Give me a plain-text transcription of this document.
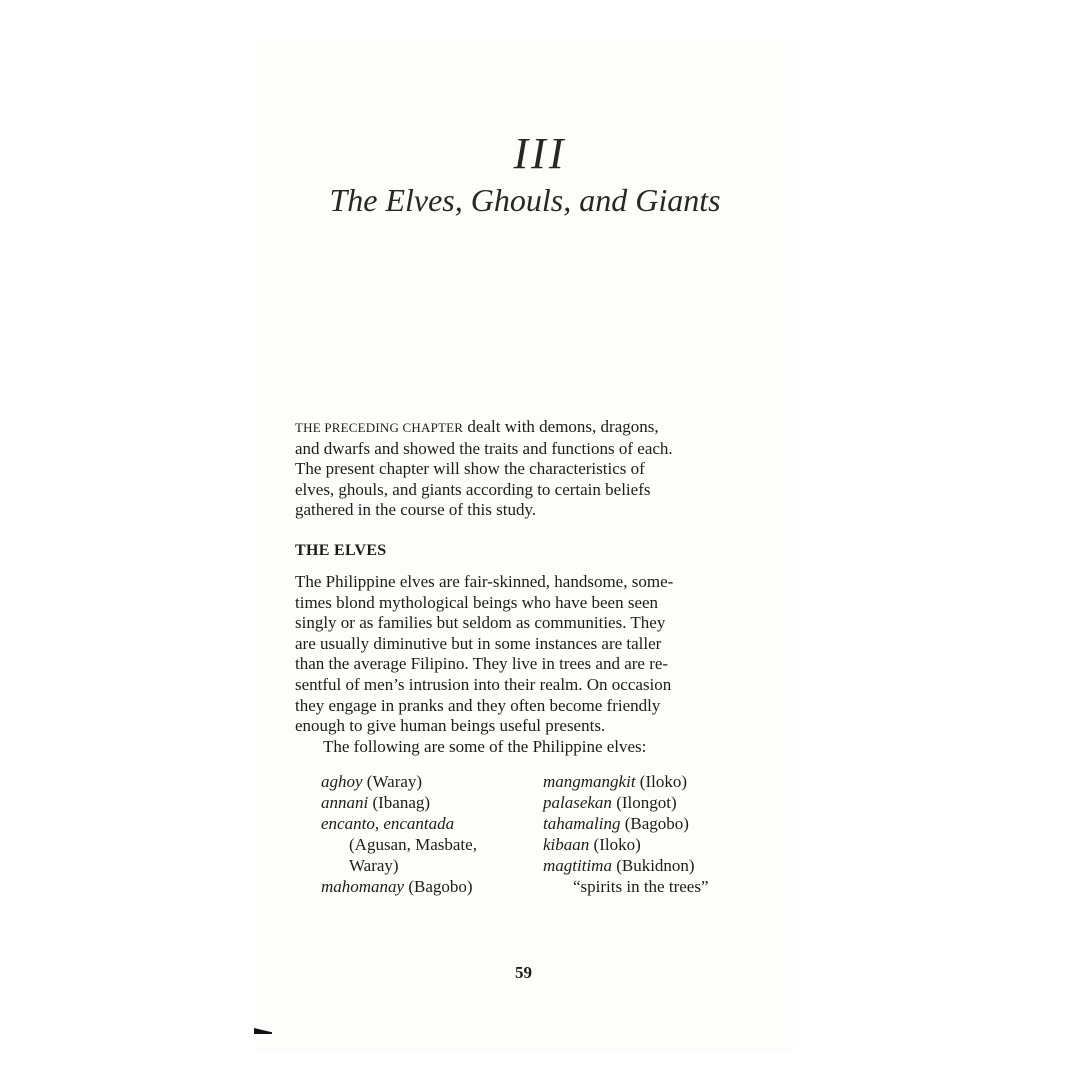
III
The Elves, Ghouls, and Giants
THE PRECEDING CHAPTER dealt with demons, dragons,
and dwarfs and showed the traits and functions of each.
The present chapter will show the characteristics of
elves, ghouls, and giants according to certain beliefs
gathered in the course of this study.
THE ELVES
The Philippine elves are fair-skinned, handsome, some-
times blond mythological beings who have been seen
singly or as families but seldom as communities. They
are usually diminutive but in some instances are taller
than the average Filipino. They live in trees and are re-
sentful of men’s intrusion into their realm. On occasion
they engage in pranks and they often become friendly
enough to give human beings useful presents.
The following are some of the Philippine elves:
aghoy (Waray)
annani (Ibanag)
encanto, encantada
(Agusan, Masbate,
Waray)
mahomanay (Bagobo)
mangmangkit (Iloko)
palasekan (Ilongot)
tahamaling (Bagobo)
kibaan (Iloko)
magtitima (Bukidnon)
“spirits in the trees”
59
